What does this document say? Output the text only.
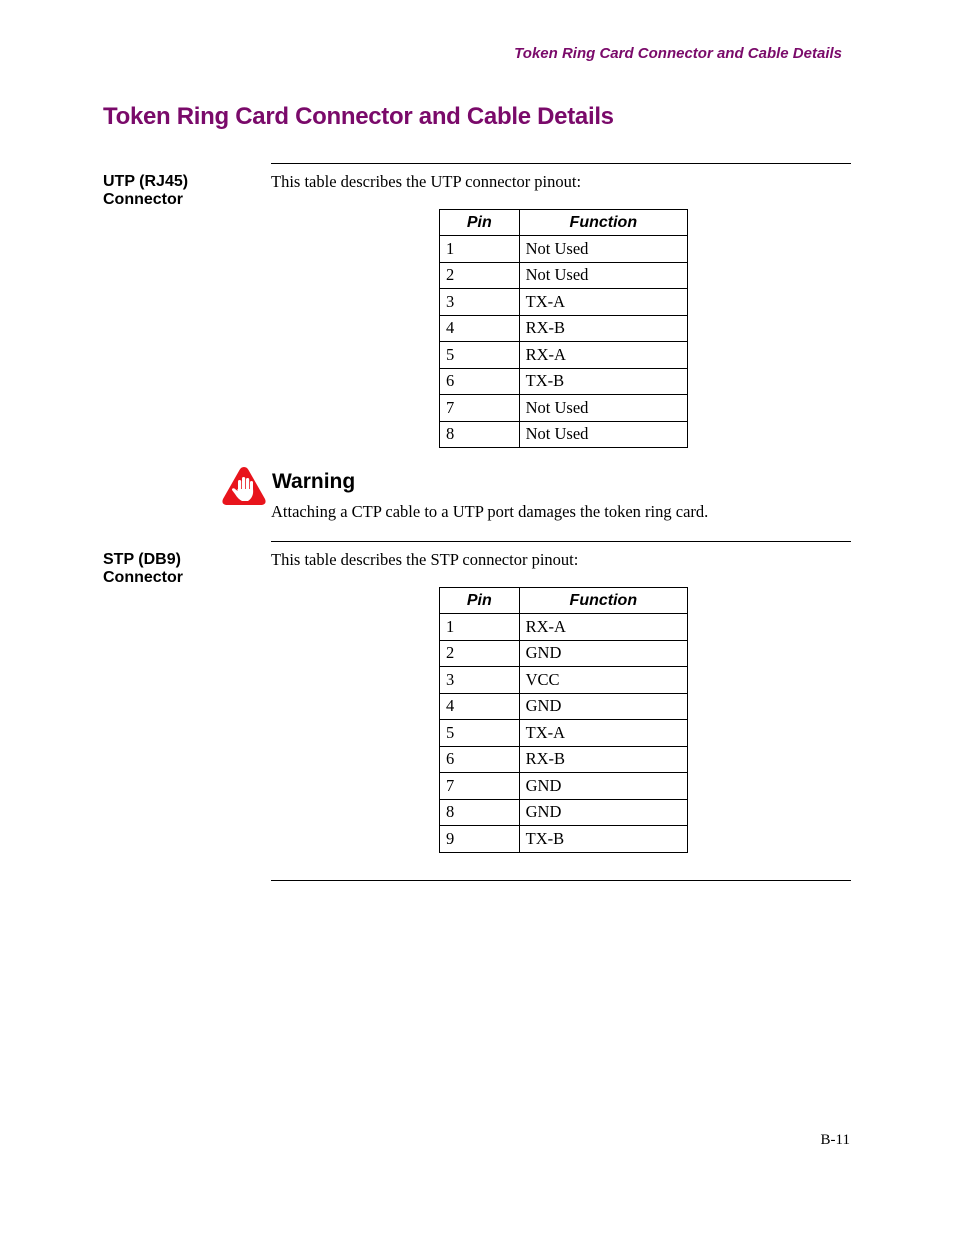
Token Ring Card Connector and Cable Details
Token Ring Card Connector and Cable Details
UTP (RJ45)
Connector
This table describes the UTP connector pinout:
Pin	Function
1	Not Used
2	Not Used
3	TX-A
4	RX-B
5	RX-A
6	TX-B
7	Not Used
8	Not Used
Warning
Attaching a CTP cable to a UTP port damages the token ring card.
STP (DB9)
Connector
This table describes the STP connector pinout:
Pin	Function
1	RX-A
2	GND
3	VCC
4	GND
5	TX-A
6	RX-B
7	GND
8	GND
9	TX-B
B-11
